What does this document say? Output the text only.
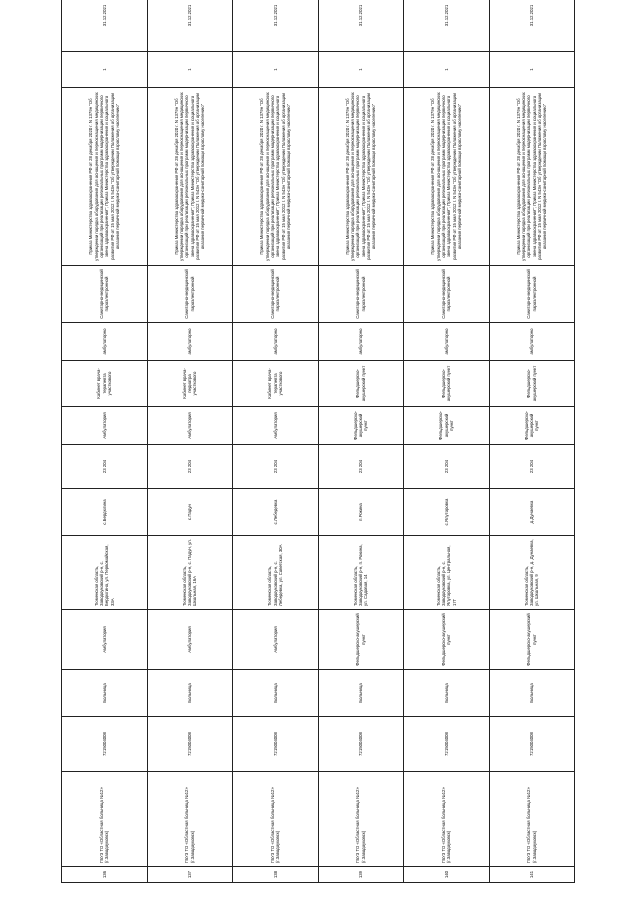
136	ГБУЗ ТО «Областная больница №12» (г.Заводоуковск)	7215004008	Больница	Амбулатория	Тюменская область, Заводоуковский р-н, с. Бердюгина, ул. Первомайская, 33А	с.Бердюгина	23 204	Амбулатория	Кабинет врача-терапевта участкового	амбулаторно	Санитарно-медицинской пароэлектронной	Приказ Министерства здравоохранения РФ от 28 декабря 2020 г. N 1379н "Об утверждении порядка оборудования для оснащения и переоснащения медицинских организаций при реализации региональных программ модернизации первичного звена здравоохранения"; Приказ Министерства здравоохранения и социального развития РФ от 15 мая 2012 г. N 543н "Об утверждении Положения об организации оказания первичной медико-санитарной помощи взрослому населению"	1	31.12.2021
137	ГБУЗ ТО «Областная больница №12» (г.Заводоуковск)	7215004008	Больница	Амбулатория	Тюменская область, Заводоуковский р-н, с. Падун, ул. Школьная, 16А	с.Падун	23 204	Амбулатория	Кабинет врача-педиатра участкового	амбулаторно	Санитарно-медицинской пароэлектронной	Приказ Министерства здравоохранения РФ от 28 декабря 2020 г. N 1379н "Об утверждении порядка оборудования для оснащения и переоснащения медицинских организаций при реализации региональных программ модернизации первичного звена здравоохранения"; Приказ Министерства здравоохранения и социального развития РФ от 15 мая 2012 г. N 543н "Об утверждении Положения об организации оказания первичной медико-санитарной помощи взрослому населению"	1	31.12.2021
138	ГБУЗ ТО «Областная больница №12» (г.Заводоуковск)	7215004008	Больница	Амбулатория	Тюменская область, Заводоуковский р-н, с. Лебедевка, ул. Советская, 30А	с.Лебедевка	23 204	Амбулатория	Кабинет врача-терапевта участкового	амбулаторно	Санитарно-медицинской пароэлектронной	Приказ Министерства здравоохранения РФ от 28 декабря 2020 г. N 1379н "Об утверждении порядка оборудования для оснащения и переоснащения медицинских организаций при реализации региональных программ модернизации первичного звена здравоохранения"; Приказ Министерства здравоохранения и социального развития РФ от 15 мая 2012 г. N 543н "Об утверждении Положения об организации оказания первичной медико-санитарной помощи взрослому населению"	1	31.12.2021
139	ГБУЗ ТО «Областная больница №12» (г.Заводоуковск)	7215004008	Больница	Фельдшерско-акушерский пункт	Тюменская область, Заводоуковский р-н, п. Рокина, ул. Садовая, 14	п.Рокина	23 204	Фельдшерско-акушерский пункт	Фельдшерско-акушерский пункт	амбулаторно	Санитарно-медицинской пароэлектронной	Приказ Министерства здравоохранения РФ от 28 декабря 2020 г. N 1379н "Об утверждении порядка оборудования для оснащения и переоснащения медицинских организаций при реализации региональных программ модернизации первичного звена здравоохранения"; Приказ Министерства здравоохранения и социального развития РФ от 15 мая 2012 г. N 543н "Об утверждении Положения об организации оказания первичной медико-санитарной помощи взрослому населению"	1	31.12.2021
140	ГБУЗ ТО «Областная больница №12» (г.Заводоуковск)	7215004008	Больница	Фельдшерско-акушерский пункт	Тюменская область, Заводоуковский р-н, с. Ялуторовка, ул. Центральная, 17Г	с.Ялуторовка	23 204	Фельдшерско-акушерский пункт	Фельдшерско-акушерский пункт	амбулаторно	Санитарно-медицинской пароэлектронной	Приказ Министерства здравоохранения РФ от 28 декабря 2020 г. N 1379н "Об утверждении порядка оборудования для оснащения и переоснащения медицинских организаций при реализации региональных программ модернизации первичного звена здравоохранения"; Приказ Министерства здравоохранения и социального развития РФ от 15 мая 2012 г. N 543н "Об утверждении Положения об организации оказания первичной медико-санитарной помощи взрослому населению"	1	31.12.2021
141	ГБУЗ ТО «Областная больница №12» (г.Заводоуковск)	7215004008	Больница	Фельдшерско-акушерский пункт	Тюменская область, Заводоуковский р-н, д. Дунаевка, ул. Школьная, 9	д.Дунаевка	23 204	Фельдшерско-акушерский пункт	Фельдшерско-акушерский пункт	амбулаторно	Санитарно-медицинской пароэлектронной	Приказ Министерства здравоохранения РФ от 28 декабря 2020 г. N 1379н "Об утверждении порядка оборудования для оснащения и переоснащения медицинских организаций при реализации региональных программ модернизации первичного звена здравоохранения"; Приказ Министерства здравоохранения и социального развития РФ от 15 мая 2012 г. N 543н "Об утверждении Положения об организации оказания первичной медико-санитарной помощи взрослому населению"	1	31.12.2021
